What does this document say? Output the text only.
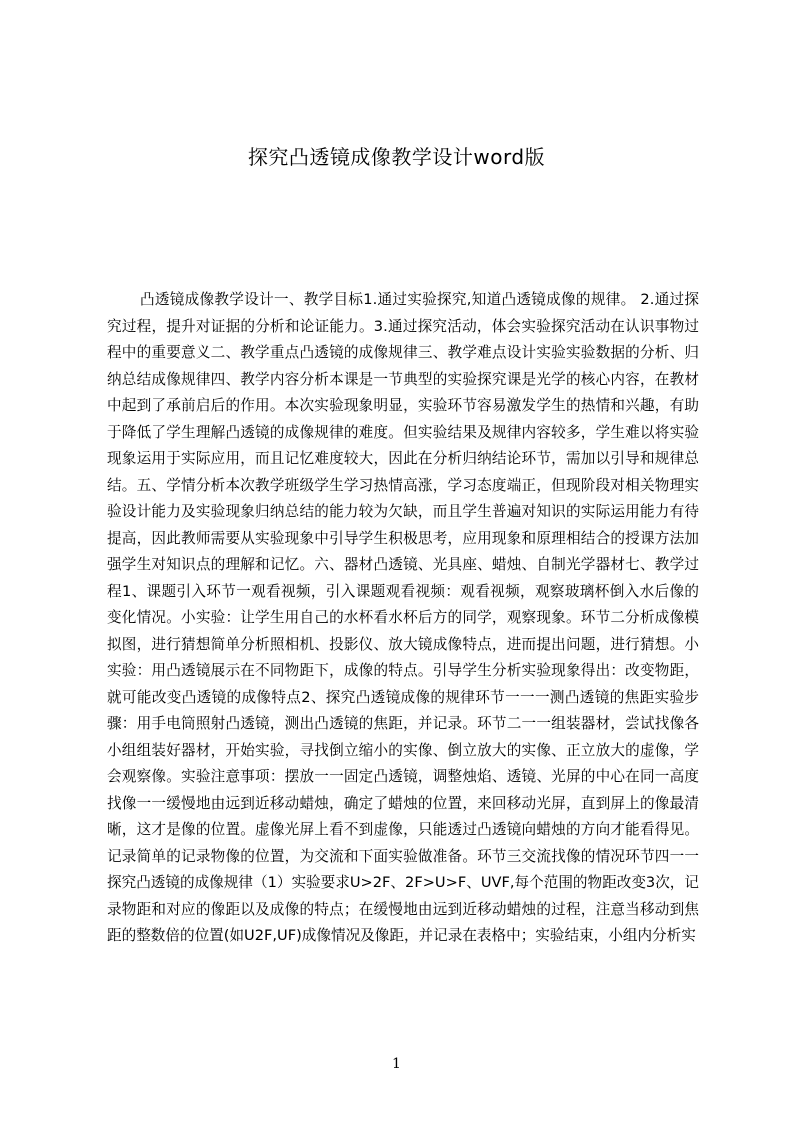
探究凸透镜成像教学设计word版

凸透镜成像教学设计一、教学目标1.通过实验探究,知道凸透镜成像的规律。 2.通过探究过程，提升对证据的分析和论证能力。3.通过探究活动，体会实验探究活动在认识事物过程中的重要意义二、教学重点凸透镜的成像规律三、教学难点设计实验实验数据的分析、归纳总结成像规律四、教学内容分析本课是一节典型的实验探究课是光学的核心内容，在教材中起到了承前启后的作用。本次实验现象明显，实验环节容易激发学生的热情和兴趣，有助于降低了学生理解凸透镜的成像规律的难度。但实验结果及规律内容较多，学生难以将实验现象运用于实际应用，而且记忆难度较大，因此在分析归纳结论环节，需加以引导和规律总结。五、学情分析本次教学班级学生学习热情高涨，学习态度端正，但现阶段对相关物理实验设计能力及实验现象归纳总结的能力较为欠缺，而且学生普遍对知识的实际运用能力有待提高，因此教师需要从实验现象中引导学生积极思考，应用现象和原理相结合的授课方法加强学生对知识点的理解和记忆。六、器材凸透镜、光具座、蜡烛、自制光学器材七、教学过程1、课题引入环节一观看视频，引入课题观看视频：观看视频，观察玻璃杯倒入水后像的变化情况。小实验：让学生用自己的水杯看水杯后方的同学，观察现象。环节二分析成像模拟图，进行猜想简单分析照相机、投影仪、放大镜成像特点，进而提出问题，进行猜想。小实验：用凸透镜展示在不同物距下，成像的特点。引导学生分析实验现象得出：改变物距，就可能改变凸透镜的成像特点2、探究凸透镜成像的规律环节一一一测凸透镜的焦距实验步骤：用手电筒照射凸透镜，测出凸透镜的焦距，并记录。环节二一一组装器材，尝试找像各小组组装好器材，开始实验，寻找倒立缩小的实像、倒立放大的实像、正立放大的虚像，学会观察像。实验注意事项：摆放一一固定凸透镜，调整烛焰、透镜、光屏的中心在同一高度找像一一缓慢地由远到近移动蜡烛，确定了蜡烛的位置，来回移动光屏，直到屏上的像最清晰，这才是像的位置。虚像光屏上看不到虚像，只能透过凸透镜向蜡烛的方向才能看得见。记录简单的记录物像的位置，为交流和下面实验做准备。环节三交流找像的情况环节四一一探究凸透镜的成像规律（1）实验要求U>2F、2F>U>F、UVF,每个范围的物距改变3次，记录物距和对应的像距以及成像的特点；在缓慢地由远到近移动蜡烛的过程，注意当移动到焦距的整数倍的位置(如U2F,UF)成像情况及像距，并记录在表格中；实验结束，小组内分析实

1
